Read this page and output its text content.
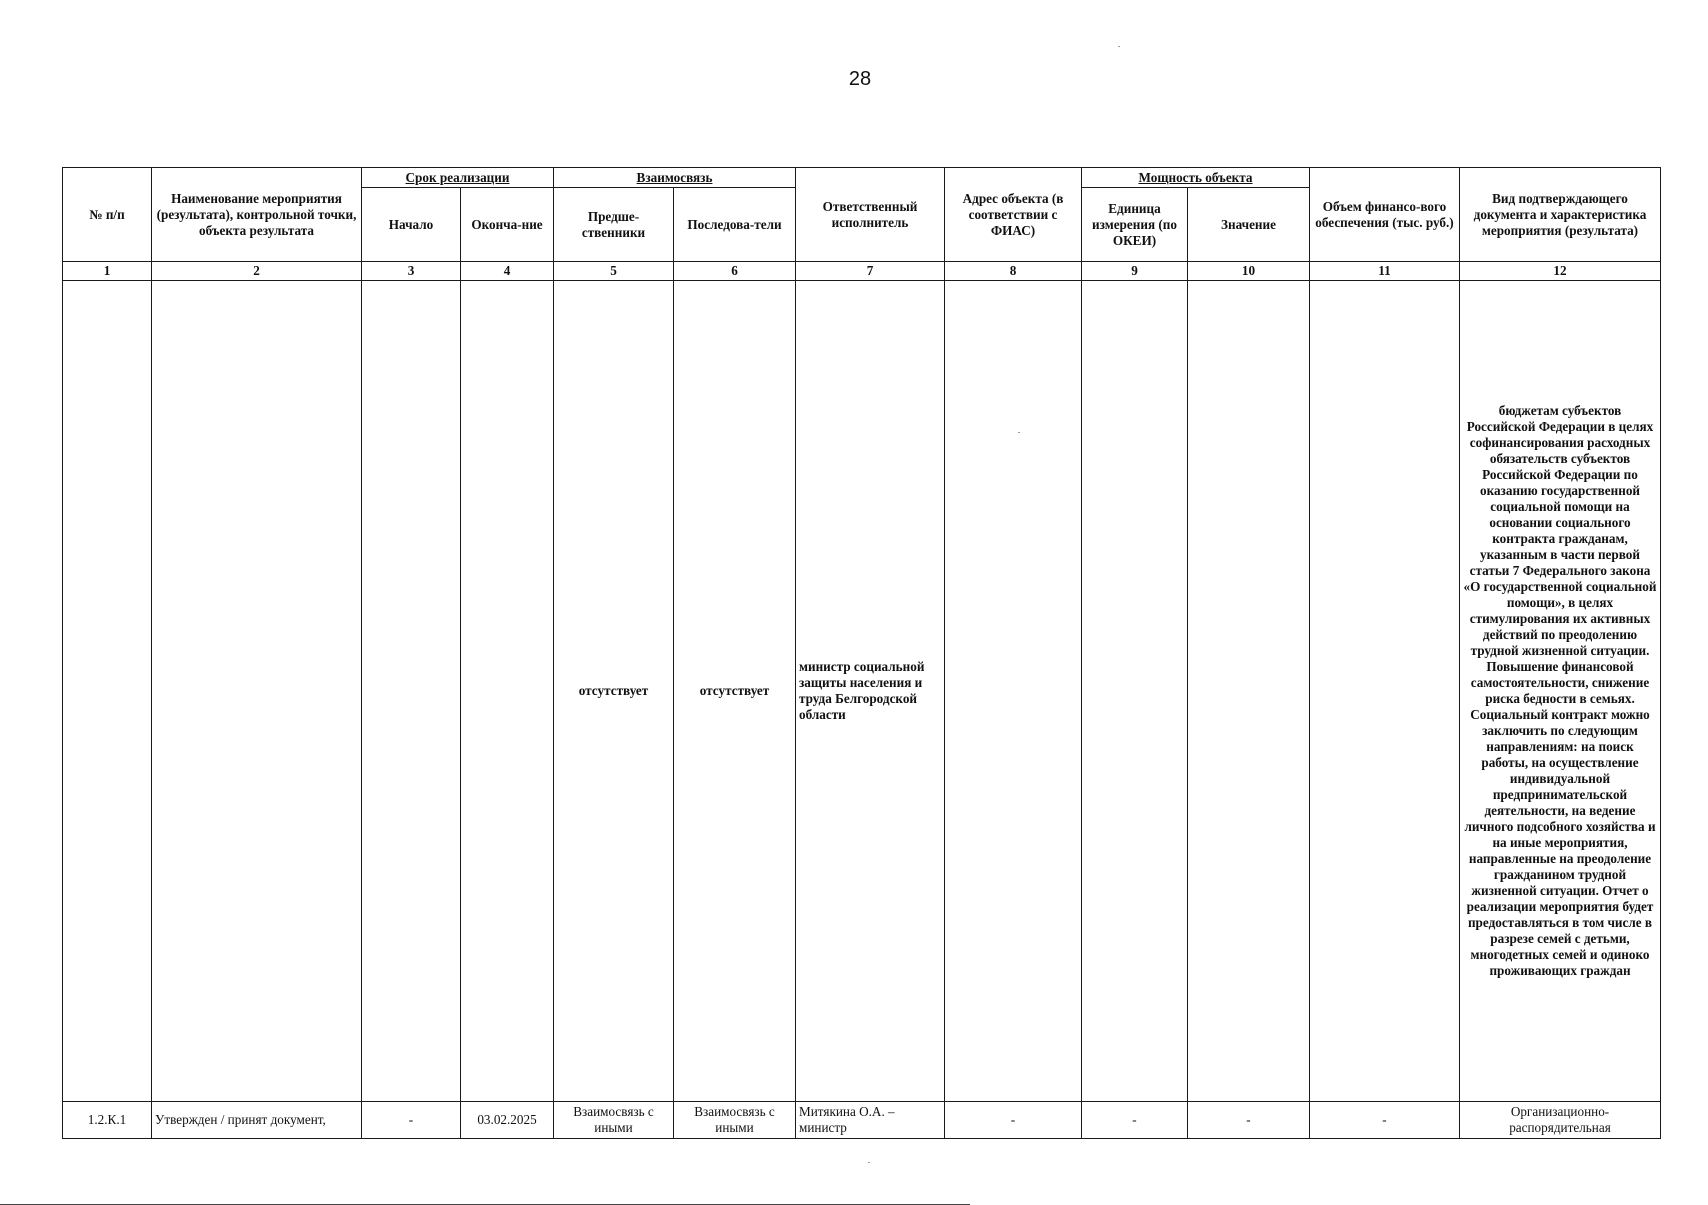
28
№ п/п	Наименование мероприятия (результата), контрольной точки, объекта результата	Срок реализации		Взаимосвязь		Ответственный исполнитель	Адрес объекта (в соответствии с ФИАС)	Мощность объекта		Объем финансо-вого обеспечения (тыс. руб.)	Вид подтверждающего документа и характеристика мероприятия (результата)
		Начало	Оконча-ние	Предше-ственники	Последова-тели			Единица измерения (по ОКЕИ)	Значение		
1	2	3	4	5	6	7	8	9	10	11	12
				отсутствует	отсутствует	министр социальной защиты населения и труда Белгородской области					бюджетам субъектов Российской Федерации в целях софинансирования расходных обязательств субъектов Российской Федерации по оказанию государственной социальной помощи на основании социального контракта гражданам, указанным в части первой статьи 7 Федерального закона «О государственной социальной помощи», в целях стимулирования их активных действий по преодолению трудной жизненной ситуации. Повышение финансовой самостоятельности, снижение риска бедности в семьях. Социальный контракт можно заключить по следующим направлениям: на поиск работы, на осуществление индивидуальной предпринимательской деятельности, на ведение личного подсобного хозяйства и на иные мероприятия, направленные на преодоление гражданином трудной жизненной ситуации. Отчет о реализации мероприятия будет предоставляться в том числе в разрезе семей с детьми, многодетных семей и одиноко проживающих граждан
1.2.К.1	Утвержден / принят документ,	-	03.02.2025	Взаимосвязь с иными	Взаимосвязь с иными	Митякина О.А. – министр	-	-	-	-	Организационно-распорядительная
